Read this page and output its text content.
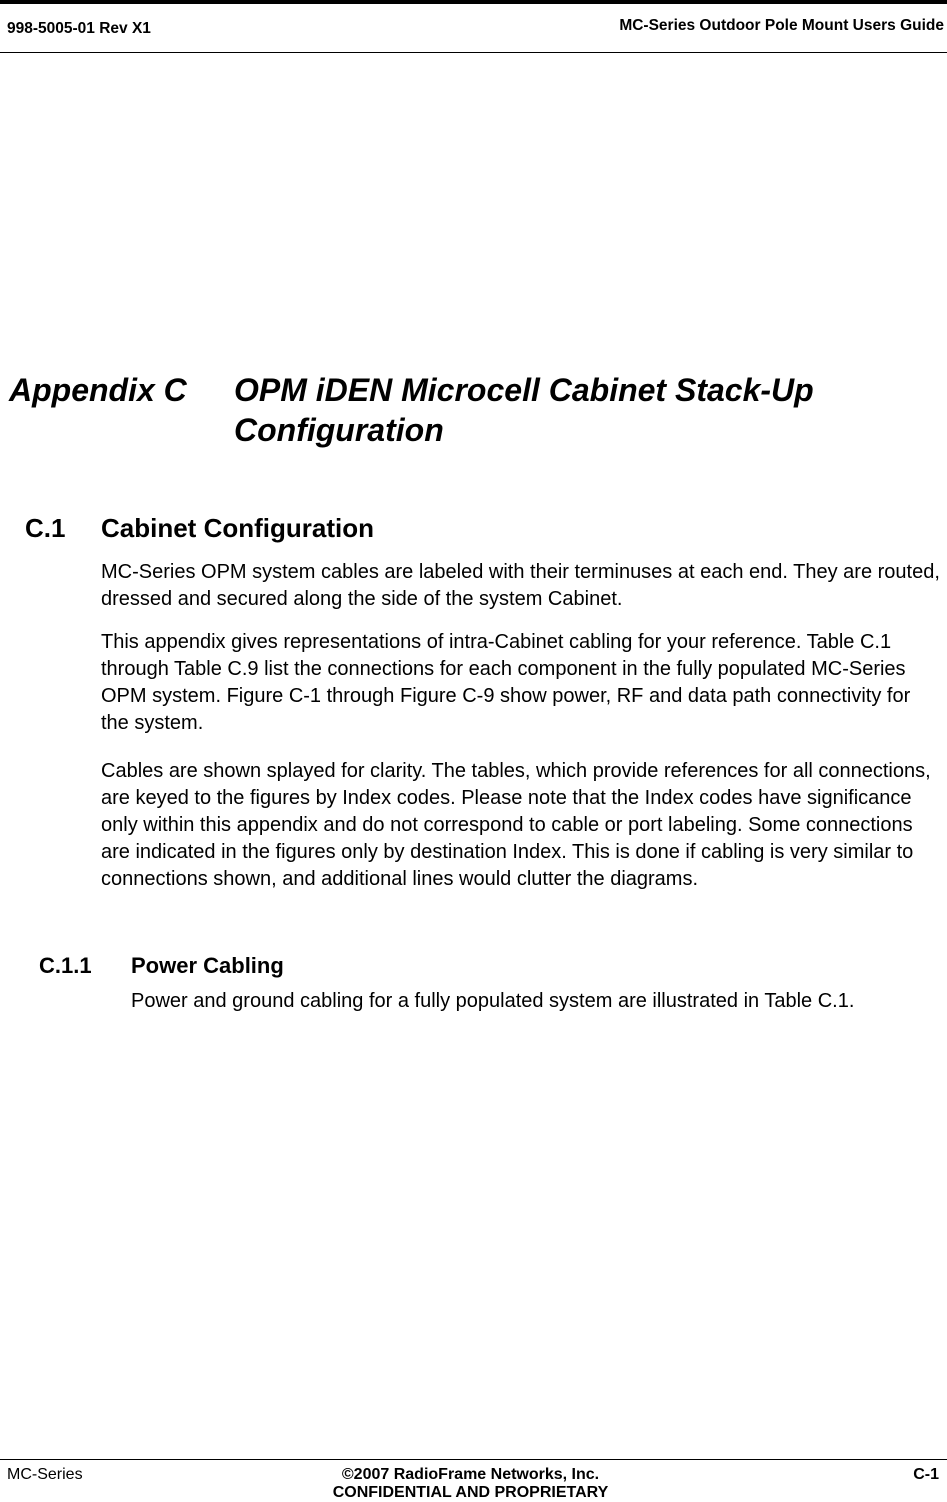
998-5005-01 Rev X1	MC-Series Outdoor Pole Mount Users Guide
Appendix C OPM iDEN Microcell Cabinet Stack-Up Configuration
C.1 Cabinet Configuration

MC-Series OPM system cables are labeled with their terminuses at each end. They are routed, dressed and secured along the side of the system Cabinet.

This appendix gives representations of intra-Cabinet cabling for your reference. Table C.1 through Table C.9 list the connections for each component in the fully populated MC-Series OPM system. Figure C-1 through Figure C-9 show power, RF and data path connectivity for the system.

Cables are shown splayed for clarity. The tables, which provide references for all connections, are keyed to the figures by Index codes. Please note that the Index codes have significance only within this appendix and do not correspond to cable or port labeling. Some connections are indicated in the figures only by destination Index. This is done if cabling is very similar to connections shown, and additional lines would clutter the diagrams.

C.1.1 Power Cabling

Power and ground cabling for a fully populated system are illustrated in Table C.1.

MC-Series	©2007 RadioFrame Networks, Inc.
CONFIDENTIAL AND PROPRIETARY
C-1
